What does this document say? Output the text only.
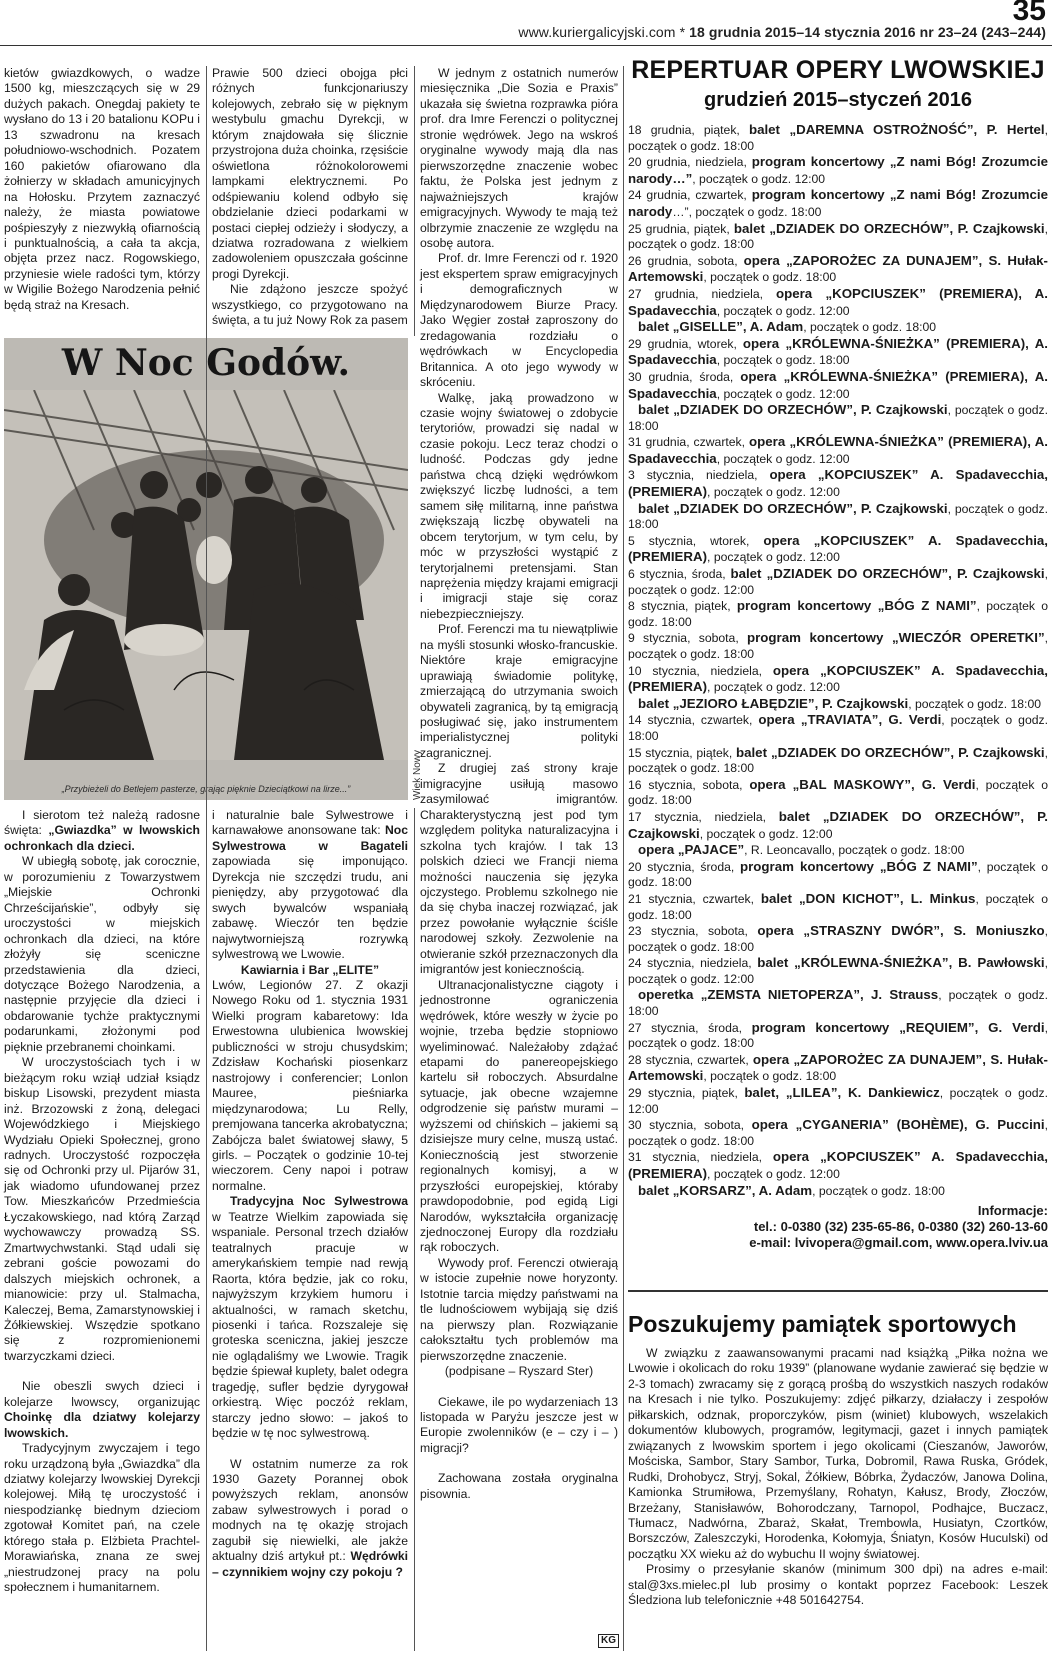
www.kuriergalicyjski.com * 18 grudnia 2015–14 stycznia 2016 nr 23–24 (243–244)
35

kietów gwiazdkowych, o wadze 1500 kg, mieszczących się w 29 dużych pakach. Onegdaj pakiety te wysłano do 13 i 20 batalionu KOPu i 13 szwadronu na kresach południowo-wschodnich. Pozatem 160 pakietów ofiarowano dla żołnierzy w składach amunicyjnych na Hołosku. Przytem zaznaczyć należy, że miasta powiatowe pośpieszyły z niezwykłą ofiarnością i punktualnością, a cała ta akcja, objęta przez nacz. Rogowskiego, przyniesie wiele radości tym, którzy w Wigilie Bożego Narodzenia pełnić będą straż na Kresach.

Prawie 500 dzieci obojga płci różnych funkcjonariuszy kolejowych, zebrało się w pięknym westybulu gmachu Dyrekcji, w którym znajdowała się ślicznie przystrojona duża choinka, rzęsiście oświetlona różnokolorowemi lampkami elektrycznemi. Po odśpiewaniu kolend odbyło się obdzielanie dzieci podarkami w postaci ciepłej odzieży i słodyczy, a dziatwa rozradowana z wielkiem zadowoleniem opuszczała gościnne progi Dyrekcji.

Nie zdążono jeszcze spożyć wszystkiego, co przygotowano na święta, a tu już Nowy Rok za pasem

W Noc Godów.
„Przybieżeli do Betlejem pasterze, grając pięknie Dzieciątkowi na lirze...”	Wiek Nowy

I sierotom też należą radosne święta: „Gwiazdka” w lwowskich ochronkach dla dzieci.

W ubiegłą sobotę, jak corocznie, w porozumieniu z Towarzystwem „Miejskie Ochronki Chrześcijańskie”, odbyły się uroczystości w miejskich ochronkach dla dzieci, na które złożyły się sceniczne przedstawienia dla dzieci, dotyczące Bożego Narodzenia, a następnie przyjęcie dla dzieci i obdarowanie tychże praktycznymi podarunkami, złożonymi pod pięknie przebranemi choinkami.

W uroczystościach tych i w bieżącym roku wziął udział ksiądz biskup Lisowski, prezydent miasta inż. Brzozowski z żoną, delegaci Wojewódzkiego i Miejskiego Wydziału Opieki Społecznej, grono radnych. Uroczystość rozpoczęła się od Ochronki przy ul. Pijarów 31, jak wiadomo ufundowanej przez Tow. Mieszkańców Przedmieścia Łyczakowskiego, nad którą Zarząd wychowawczy prowadzą SS. Zmartwychwstanki. Stąd udali się zebrani goście powozami do dalszych miejskich ochronek, a mianowicie: przy ul. Stalmacha, Kaleczej, Bema, Zamarstynowskiej i Żółkiewskiej. Wszędzie spotkano się z rozpromienionemi twarzyczkami dzieci.

Nie obeszli swych dzieci i kolejarze lwowscy, organizując Choinkę dla dziatwy kolejarzy lwowskich.

Tradycyjnym zwyczajem i tego roku urządzoną była „Gwiazdka” dla dziatwy kolejarzy lwowskiej Dyrekcji kolejowej. Miłą tę uroczystość i niespodziankę biednym dzieciom zgotował Komitet pań, na czele którego stała p. Elżbieta Prachtel-Morawiańska, znana ze swej „niestrudzonej pracy na polu społecznem i humanitarnem.

i naturalnie bale Sylwestrowe i karnawałowe anonsowane tak: Noc Sylwestrowa w Bagateli zapowiada się imponująco. Dyrekcja nie szczędzi trudu, ani pieniędzy, aby przygotować dla swych bywalców wspaniałą zabawę. Wieczór ten będzie najwytworniejszą rozrywką sylwestrową we Lwowie.

Kawiarnia i Bar „ELITE”

Lwów, Legionów 27. Z okazji Nowego Roku od 1. stycznia 1931 Wielki program kabaretowy: Ida Erwestowna ulubienica lwowskiej publiczności w stroju chusydskim; Zdzisław Kochański piosenkarz nastrojowy i conferencier; Lonlon Mauree, pieśniarka międzynarodowa; Lu Relly, premjowana tancerka akrobatyczna; Zabójcza balet światowej sławy, 5 girls. – Początek o godzinie 10-tej wieczorem. Ceny napoi i potraw normalne.

Tradycyjna Noc Sylwestrowa w Teatrze Wielkim zapowiada się wspaniale. Personal trzech działów teatralnych pracuje w amerykańskiem tempie nad rewją Raorta, która będzie, jak co roku, najwyższym krzykiem humoru i aktualności, w ramach sketchu, piosenki i tańca. Rozszaleje się groteska sceniczna, jakiej jeszcze nie oglądaliśmy we Lwowie. Tragik będzie śpiewał kuplety, balet odegra tragedję, sufler będzie dyrygował orkiestrą. Więc poczóż reklam, starczy jedno słowo: – jakoś to będzie w tę noc sylwestrową.

W ostatnim numerze za rok 1930 Gazety Porannej obok powyższych reklam, anonsów zabaw sylwestrowych i porad o modnych na tę okazję strojach zagubił się niewielki, ale jakże aktualny dziś artykuł pt.: Wędrówki – czynnikiem wojny czy pokoju ?

W jednym z ostatnich numerów miesięcznika „Die Sozia e Praxis” ukazała się świetna rozprawka pióra prof. dra Imre Ferenczi o politycznej stronie wędrówek. Jego na wskroś oryginalne wywody mają dla nas pierwszorzędne znaczenie wobec faktu, że Polska jest jednym z najważniejszych krajów emigracyjnych. Wywody te mają też olbrzymie znaczenie ze względu na osobę autora.

Prof. dr. Imre Ferenczi od r. 1920 jest ekspertem spraw emigracyjnych i demograficznych w Międzynarodowem Biurze Pracy. Jako Węgier został zaproszony do zredagowania rozdziału o wędrówkach w Encyclopedia Britannica. A oto jego wywody w skróceniu.

Walkę, jaką prowadzono w czasie wojny światowej o zdobycie terytoriów, prowadzi się nadal w czasie pokoju. Lecz teraz chodzi o ludność. Podczas gdy jedne państwa chcą dzięki wędrówkom zwiększyć liczbę ludności, a tem samem siłę militarną, inne państwa zwiększają liczbę obywateli na obcem terytorjum, w tym celu, by móc w przyszłości wystąpić z terytorjalnemi pretensjami. Stan naprężenia między krajami emigracji i imigracji staje się coraz niebezpieczniejszy.

Prof. Ferenczi ma tu niewątpliwie na myśli stosunki włosko-francuskie. Niektóre kraje emigracyjne uprawiają świadomie politykę, zmierzającą do utrzymania swoich obywateli zagranicą, by tą emigracją posługiwać się, jako instrumentem imperialistycznej polityki zagranicznej.

Z drugiej zaś strony kraje imigracyjne usiłują masowo zasymilować imigrantów. Charakterystyczną jest pod tym względem polityka naturalizacyjna i szkolna tych krajów. I tak 13 polskich dzieci we Francji niema możności nauczenia się języka ojczystego. Problemu szkolnego nie da się chyba inaczej rozwiązać, jak przez powołanie wyłącznie ściśle narodowej szkoły. Zezwolenie na otwieranie szkół przeznaczonych dla imigrantów jest koniecznością.

Ultranacjonalistyczne ciągoty i jednostronne ograniczenia wędrówek, które weszły w życie po wojnie, trzeba będzie stopniowo wyeliminować. Należałoby zdążać etapami do panereopejskiego kartelu sił roboczych. Absurdalne sytuacje, jak obecne wzajemne odgrodzenie się państw murami – wyższemi od chińskich – jakiemi są dzisiejsze mury celne, muszą ustać. Koniecznością jest stworzenie regionalnych komisyj, a w przyszłości europejskiej, któraby prawdopodobnie, pod egidą Ligi Narodów, wykształciła organizację zjednoczonej Europy dla rozdziału rąk roboczych.

Wywody prof. Ferenczi otwierają w istocie zupełnie nowe horyzonty. Istotnie tarcia między państwami na tle ludnościowem wybijają się dziś na pierwszy plan. Rozwiązanie całokształtu tych problemów ma pierwszorzędne znaczenie.

(podpisane – Ryszard Ster)

Ciekawe, ile po wydarzeniach 13 listopada w Paryżu jeszcze jest w Europie zwolenników (e – czy i – ) migracji?

Zachowana została oryginalna pisownia.

KG
REPERTUAR OPERY LWOWSKIEJ
grudzień 2015–styczeń 2016

18 grudnia, piątek, balet „DAREMNA OSTROŻNOŚĆ”, P. Hertel, początek o godz. 18:00

20 grudnia, niedziela, program koncertowy „Z nami Bóg! Zrozumcie narody…”, początek o godz. 12:00

24 grudnia, czwartek, program koncertowy „Z nami Bóg! Zrozumcie narody…”, początek o godz. 18:00

25 grudnia, piątek, balet „DZIADEK DO ORZECHÓW”, P. Czajkowski, początek o godz. 18:00

26 grudnia, sobota, opera „ZAPOROŻEC ZA DUNAJEM”, S. Hułak-Artemowski, początek o godz. 18:00

27 grudnia, niedziela, opera „KOPCIUSZEK” (PREMIERA), A. Spadavecchia, początek o godz. 12:00

balet „GISELLE”, A. Adam, początek o godz. 18:00

29 grudnia, wtorek, opera „KRÓLEWNA-ŚNIEŻKA” (PREMIERA), A. Spadavecchia, początek o godz. 18:00

30 grudnia, środa, opera „KRÓLEWNA-ŚNIEŻKA” (PREMIERA), A. Spadavecchia, początek o godz. 12:00

balet „DZIADEK DO ORZECHÓW”, P. Czajkowski, początek o godz. 18:00

31 grudnia, czwartek, opera „KRÓLEWNA-ŚNIEŻKA” (PREMIERA), A. Spadavecchia, początek o godz. 12:00

3 stycznia, niedziela, opera „KOPCIUSZEK” A. Spadavecchia, (PREMIERA), początek o godz. 12:00

balet „DZIADEK DO ORZECHÓW”, P. Czajkowski, początek o godz. 18:00

5 stycznia, wtorek, opera „KOPCIUSZEK” A. Spadavecchia, (PREMIERA), początek o godz. 12:00

6 stycznia, środa, balet „DZIADEK DO ORZECHÓW”, P. Czajkowski, początek o godz. 12:00

8 stycznia, piątek, program koncertowy „BÓG Z NAMI”, początek o godz. 18:00

9 stycznia, sobota, program koncertowy „WIECZÓR OPERETKI”, początek o godz. 18:00

10 stycznia, niedziela, opera „KOPCIUSZEK” A. Spadavecchia, (PREMIERA), początek o godz. 12:00

balet „JEZIORO ŁABĘDZIE”, P. Czajkowski, początek o godz. 18:00

14 stycznia, czwartek, opera „TRAVIATA”, G. Verdi, początek o godz. 18:00

15 stycznia, piątek, balet „DZIADEK DO ORZECHÓW”, P. Czajkowski, początek o godz. 18:00

16 stycznia, sobota, opera „BAL MASKOWY”, G. Verdi, początek o godz. 18:00

17 stycznia, niedziela, balet „DZIADEK DO ORZECHÓW”, P. Czajkowski, początek o godz. 12:00

opera „PAJACE”, R. Leoncavallo, początek o godz. 18:00

20 stycznia, środa, program koncertowy „BÓG Z NAMI”, początek o godz. 18:00

21 stycznia, czwartek, balet „DON KICHOT”, L. Minkus, początek o godz. 18:00

23 stycznia, sobota, opera „STRASZNY DWÓR”, S. Moniuszko, początek o godz. 18:00

24 stycznia, niedziela, balet „KRÓLEWNA-ŚNIEŻKA”, B. Pawłowski, początek o godz. 12:00

operetka „ZEMSTA NIETOPERZA”, J. Strauss, początek o godz. 18:00

27 stycznia, środa, program koncertowy „REQUIEM”, G. Verdi, początek o godz. 18:00

28 stycznia, czwartek, opera „ZAPOROŻEC ZA DUNAJEM”, S. Hułak-Artemowski, początek o godz. 18:00

29 stycznia, piątek, balet, „LILEA”, K. Dankiewicz, początek o godz. 12:00

30 stycznia, sobota, opera „CYGANERIA” (BOHÈME), G. Puccini, początek o godz. 18:00

31 stycznia, niedziela, opera „KOPCIUSZEK” A. Spadavecchia, (PREMIERA), początek o godz. 12:00

balet „KORSARZ”, A. Adam, początek o godz. 18:00

Informacje:
tel.: 0-0380 (32) 235-65-86, 0-0380 (32) 260-13-60
e-mail: lvivopera@gmail.com, www.opera.lviv.ua
Poszukujemy pamiątek sportowych

W związku z zaawansowanymi pracami nad książką „Piłka nożna we Lwowie i okolicach do roku 1939” (planowane wydanie zawierać się będzie w 2-3 tomach) zwracamy się z gorącą prośbą do wszystkich naszych rodaków na Kresach i nie tylko. Poszukujemy: zdjęć piłkarzy, działaczy i zespołów piłkarskich, odznak, proporczyków, pism (winiet) klubowych, wszelakich dokumentów klubowych, programów, legitymacji, gazet i innych pamiątek związanych z lwowskim sportem i jego okolicami (Cieszanów, Jaworów, Mościska, Sambor, Stary Sambor, Turka, Dobromil, Rawa Ruska, Gródek, Rudki, Drohobycz, Stryj, Sokal, Żółkiew, Bóbrka, Żydaczów, Janowa Dolina, Kamionka Strumiłowa, Przemyślany, Rohatyn, Kałusz, Brody, Złoczów, Brzeżany, Stanisławów, Bohorodczany, Tarnopol, Podhajce, Buczacz, Tłumacz, Nadwórna, Zbaraż, Skałat, Trembowla, Husiatyn, Czortków, Borszczów, Zaleszczyki, Horodenka, Kołomyja, Śniatyn, Kosów Huculski) od początku XX wieku aż do wybuchu II wojny światowej.

Prosimy o przesyłanie skanów (minimum 300 dpi) na adres e-mail: stal@3xs.mielec.pl lub prosimy o kontakt poprzez Facebook: Leszek Śledziona lub telefonicznie +48 501642754.
